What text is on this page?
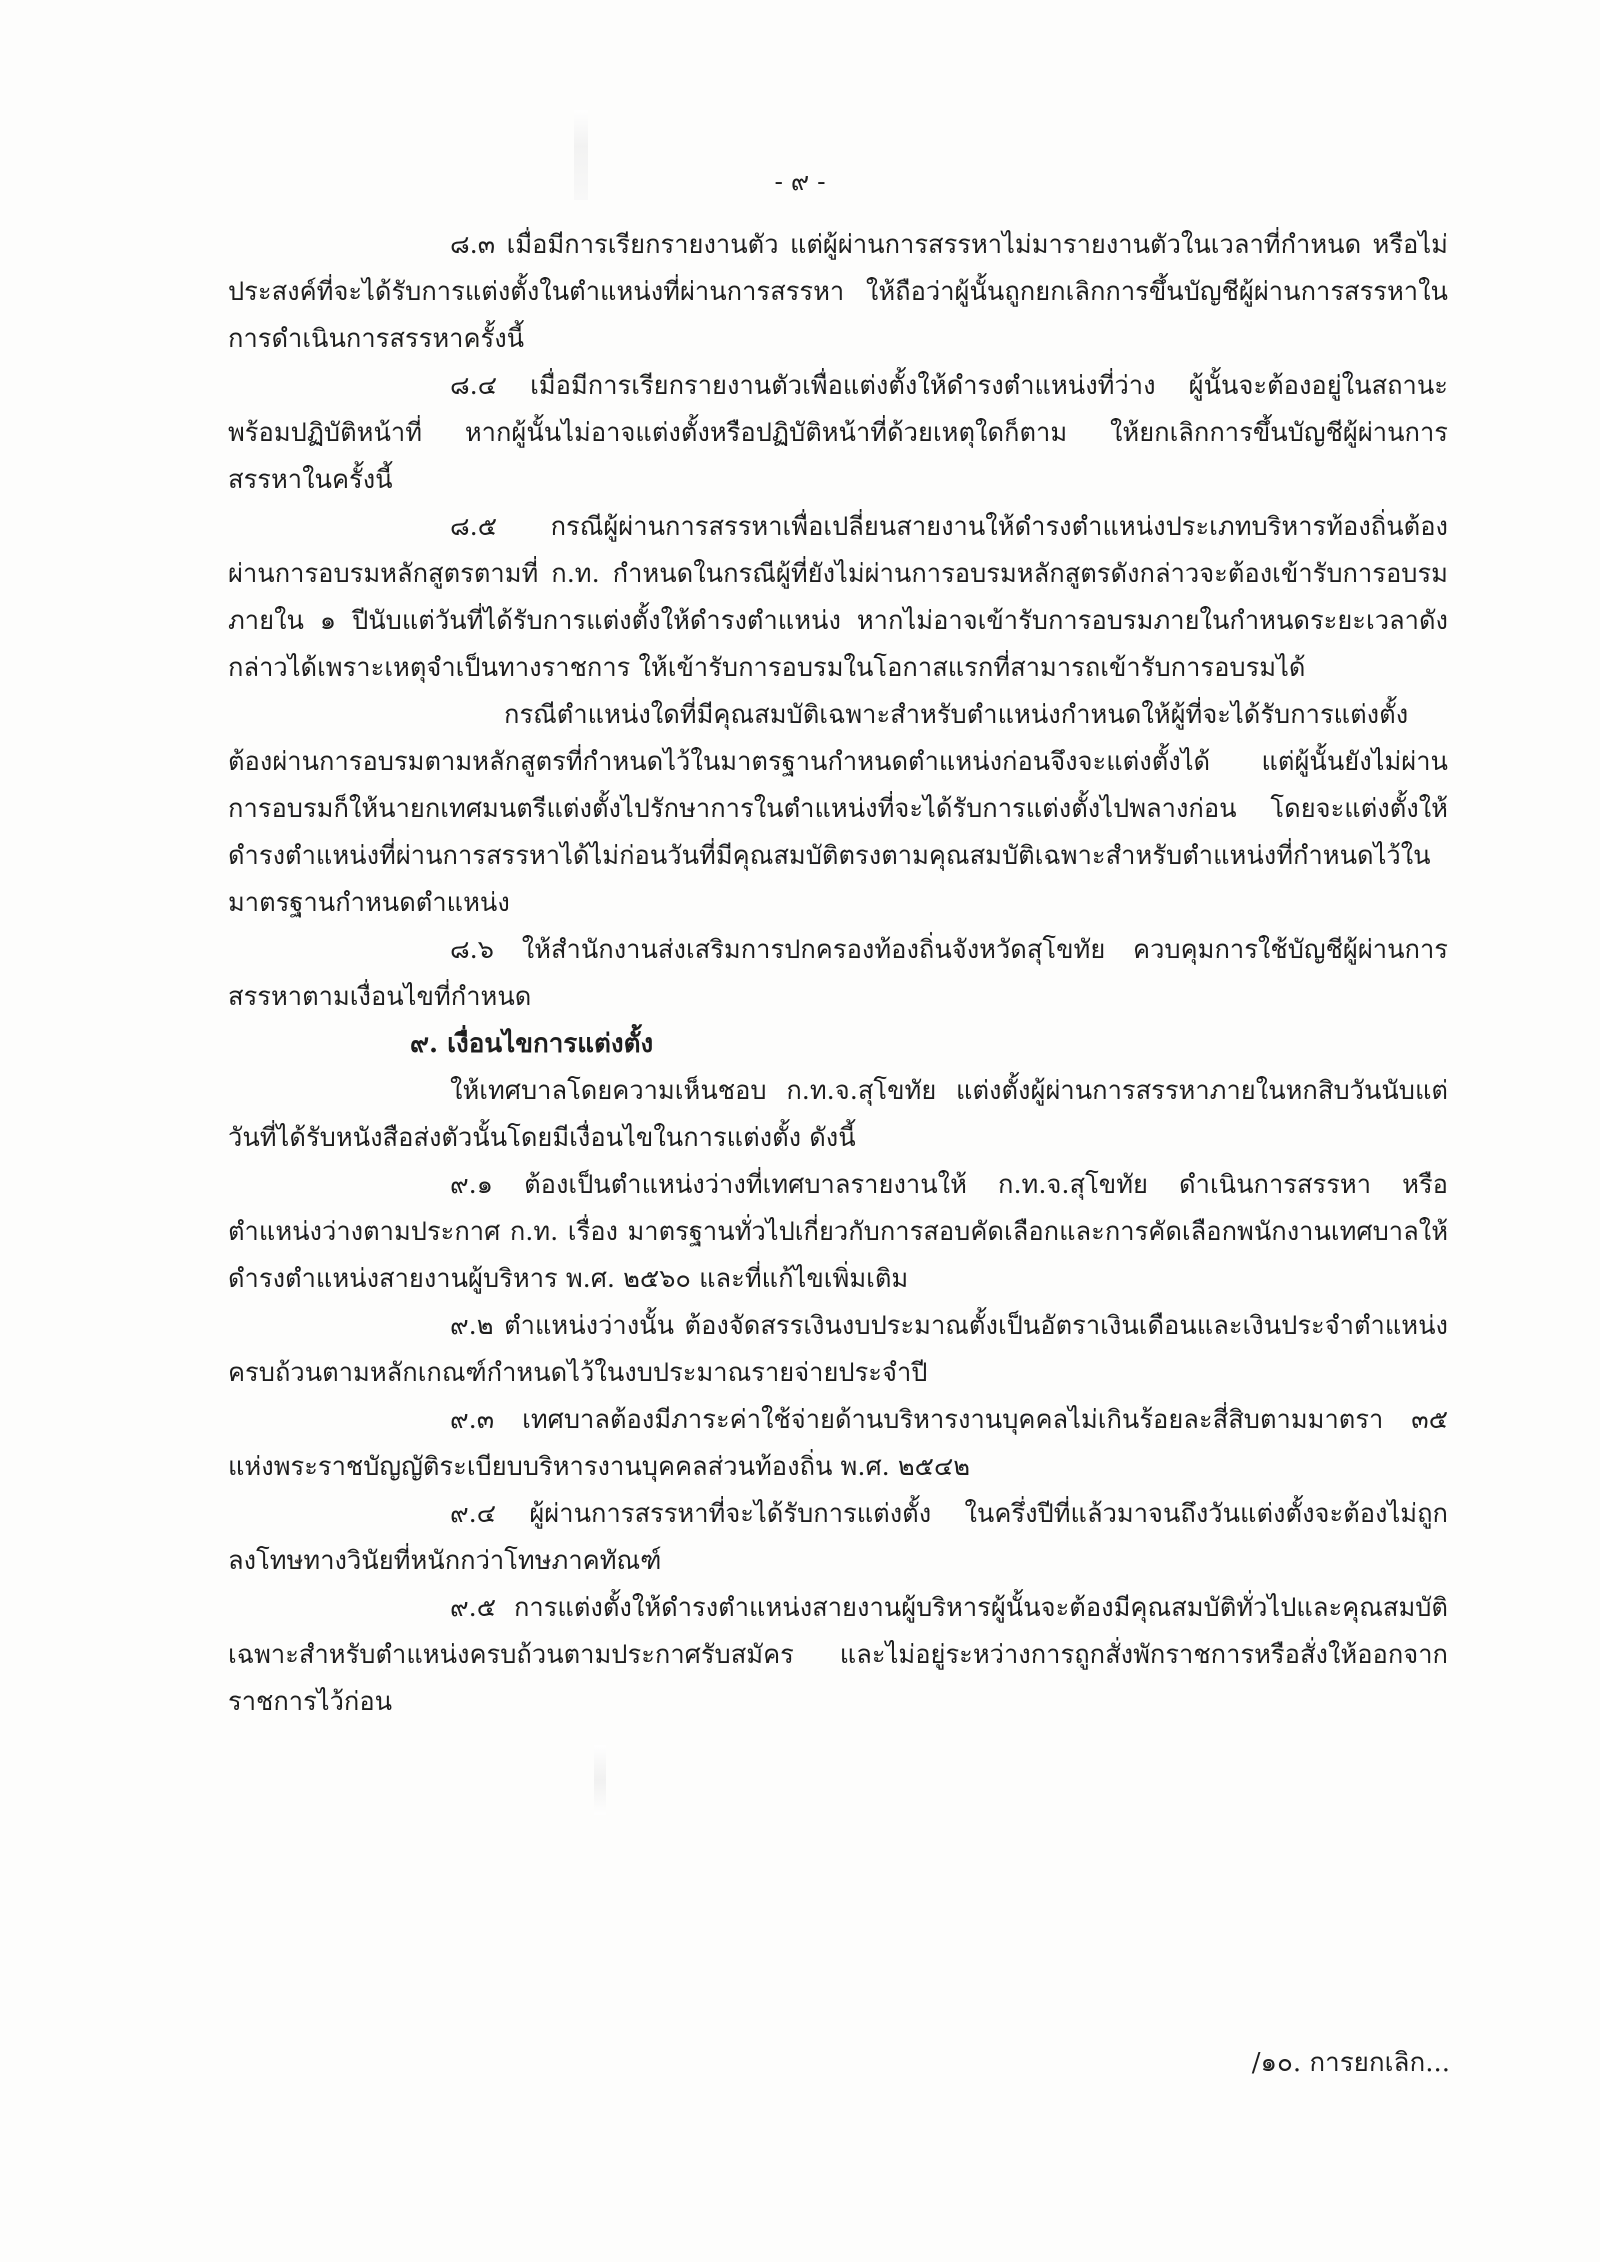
- ๙ -

๘.๓ เมื่อมีการเรียกรายงานตัว แต่ผู้ผ่านการสรรหาไม่มารายงานตัวในเวลาที่กำหนด หรือไม่ประสงค์ที่จะได้รับการแต่งตั้งในตำแหน่งที่ผ่านการสรรหา ให้ถือว่าผู้นั้นถูกยกเลิกการขึ้นบัญชีผู้ผ่านการสรรหาในการดำเนินการสรรหาครั้งนี้

๘.๔ เมื่อมีการเรียกรายงานตัวเพื่อแต่งตั้งให้ดำรงตำแหน่งที่ว่าง ผู้นั้นจะต้องอยู่ในสถานะพร้อมปฏิบัติหน้าที่ หากผู้นั้นไม่อาจแต่งตั้งหรือปฏิบัติหน้าที่ด้วยเหตุใดก็ตาม ให้ยกเลิกการขึ้นบัญชีผู้ผ่านการสรรหาในครั้งนี้

๘.๕ กรณีผู้ผ่านการสรรหาเพื่อเปลี่ยนสายงานให้ดำรงตำแหน่งประเภทบริหารท้องถิ่นต้องผ่านการอบรมหลักสูตรตามที่ ก.ท. กำหนดในกรณีผู้ที่ยังไม่ผ่านการอบรมหลักสูตรดังกล่าวจะต้องเข้ารับการอบรมภายใน ๑ ปีนับแต่วันที่ได้รับการแต่งตั้งให้ดำรงตำแหน่ง หากไม่อาจเข้ารับการอบรมภายในกำหนดระยะเวลาดังกล่าวได้เพราะเหตุจำเป็นทางราชการ ให้เข้ารับการอบรมในโอกาสแรกที่สามารถเข้ารับการอบรมได้

กรณีตำแหน่งใดที่มีคุณสมบัติเฉพาะสำหรับตำแหน่งกำหนดให้ผู้ที่จะได้รับการแต่งตั้งต้องผ่านการอบรมตามหลักสูตรที่กำหนดไว้ในมาตรฐานกำหนดตำแหน่งก่อนจึงจะแต่งตั้งได้ แต่ผู้นั้นยังไม่ผ่านการอบรมก็ให้นายกเทศมนตรีแต่งตั้งไปรักษาการในตำแหน่งที่จะได้รับการแต่งตั้งไปพลางก่อน โดยจะแต่งตั้งให้ดำรงตำแหน่งที่ผ่านการสรรหาได้ไม่ก่อนวันที่มีคุณสมบัติตรงตามคุณสมบัติเฉพาะสำหรับตำแหน่งที่กำหนดไว้ในมาตรฐานกำหนดตำแหน่ง

๘.๖ ให้สำนักงานส่งเสริมการปกครองท้องถิ่นจังหวัดสุโขทัย ควบคุมการใช้บัญชีผู้ผ่านการสรรหาตามเงื่อนไขที่กำหนด

๙. เงื่อนไขการแต่งตั้ง

ให้เทศบาลโดยความเห็นชอบ ก.ท.จ.สุโขทัย แต่งตั้งผู้ผ่านการสรรหาภายในหกสิบวันนับแต่วันที่ได้รับหนังสือส่งตัวนั้นโดยมีเงื่อนไขในการแต่งตั้ง ดังนี้

๙.๑ ต้องเป็นตำแหน่งว่างที่เทศบาลรายงานให้ ก.ท.จ.สุโขทัย ดำเนินการสรรหา หรือตำแหน่งว่างตามประกาศ ก.ท. เรื่อง มาตรฐานทั่วไปเกี่ยวกับการสอบคัดเลือกและการคัดเลือกพนักงานเทศบาลให้ดำรงตำแหน่งสายงานผู้บริหาร พ.ศ. ๒๕๖๐ และที่แก้ไขเพิ่มเติม

๙.๒ ตำแหน่งว่างนั้น ต้องจัดสรรเงินงบประมาณตั้งเป็นอัตราเงินเดือนและเงินประจำตำแหน่งครบถ้วนตามหลักเกณฑ์กำหนดไว้ในงบประมาณรายจ่ายประจำปี

๙.๓ เทศบาลต้องมีภาระค่าใช้จ่ายด้านบริหารงานบุคคลไม่เกินร้อยละสี่สิบตามมาตรา ๓๕ แห่งพระราชบัญญัติระเบียบบริหารงานบุคคลส่วนท้องถิ่น พ.ศ. ๒๕๔๒

๙.๔ ผู้ผ่านการสรรหาที่จะได้รับการแต่งตั้ง ในครึ่งปีที่แล้วมาจนถึงวันแต่งตั้งจะต้องไม่ถูกลงโทษทางวินัยที่หนักกว่าโทษภาคทัณฑ์

๙.๕ การแต่งตั้งให้ดำรงตำแหน่งสายงานผู้บริหารผู้นั้นจะต้องมีคุณสมบัติทั่วไปและคุณสมบัติเฉพาะสำหรับตำแหน่งครบถ้วนตามประกาศรับสมัคร และไม่อยู่ระหว่างการถูกสั่งพักราชการหรือสั่งให้ออกจากราชการไว้ก่อน

/๑๐. การยกเลิก...
